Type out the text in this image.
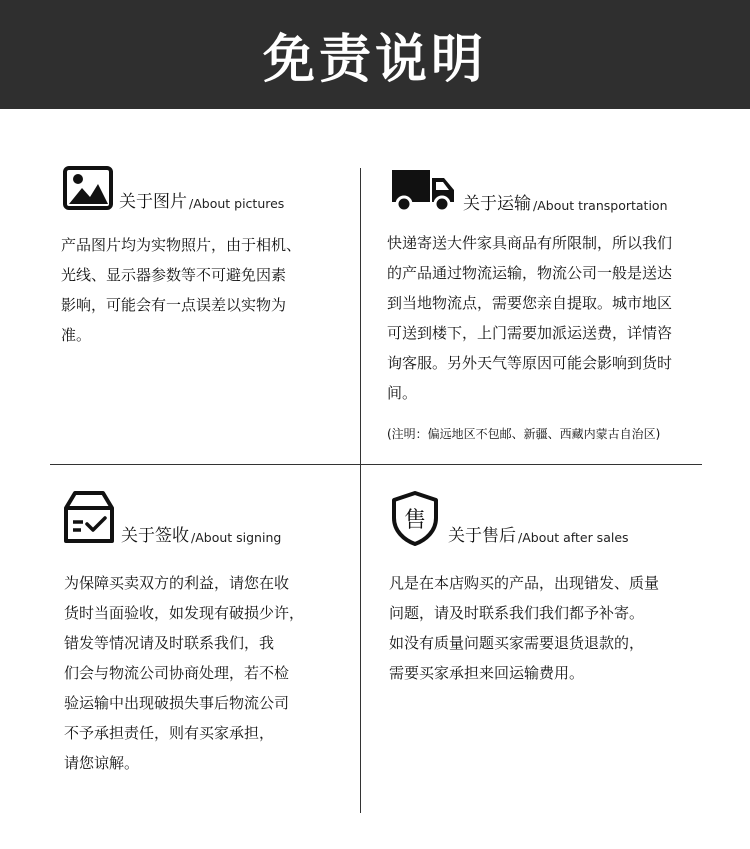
免责说明
关于图片 /About pictures
产品图片均为实物照片，由于相机、
光线、显示器参数等不可避免因素
影响，可能会有一点误差以实物为
准。
关于运输 /About transportation
快递寄送大件家具商品有所限制，所以我们
的产品通过物流运输，物流公司一般是送达
到当地物流点，需要您亲自提取。城市地区
可送到楼下，上门需要加派运送费，详情咨
询客服。另外天气等原因可能会影响到货时
间。
(注明：偏远地区不包邮、新疆、西藏内蒙古自治区)
关于签收 /About signing
为保障买卖双方的利益，请您在收
货时当面验收，如发现有破损少许，
错发等情况请及时联系我们，我
们会与物流公司协商处理，若不检
验运输中出现破损失事后物流公司
不予承担责任，则有买家承担，
请您谅解。
售
关于售后 /About after sales
凡是在本店购买的产品，出现错发、质量
问题，请及时联系我们我们都予补寄。
如没有质量问题买家需要退货退款的，
需要买家承担来回运输费用。
